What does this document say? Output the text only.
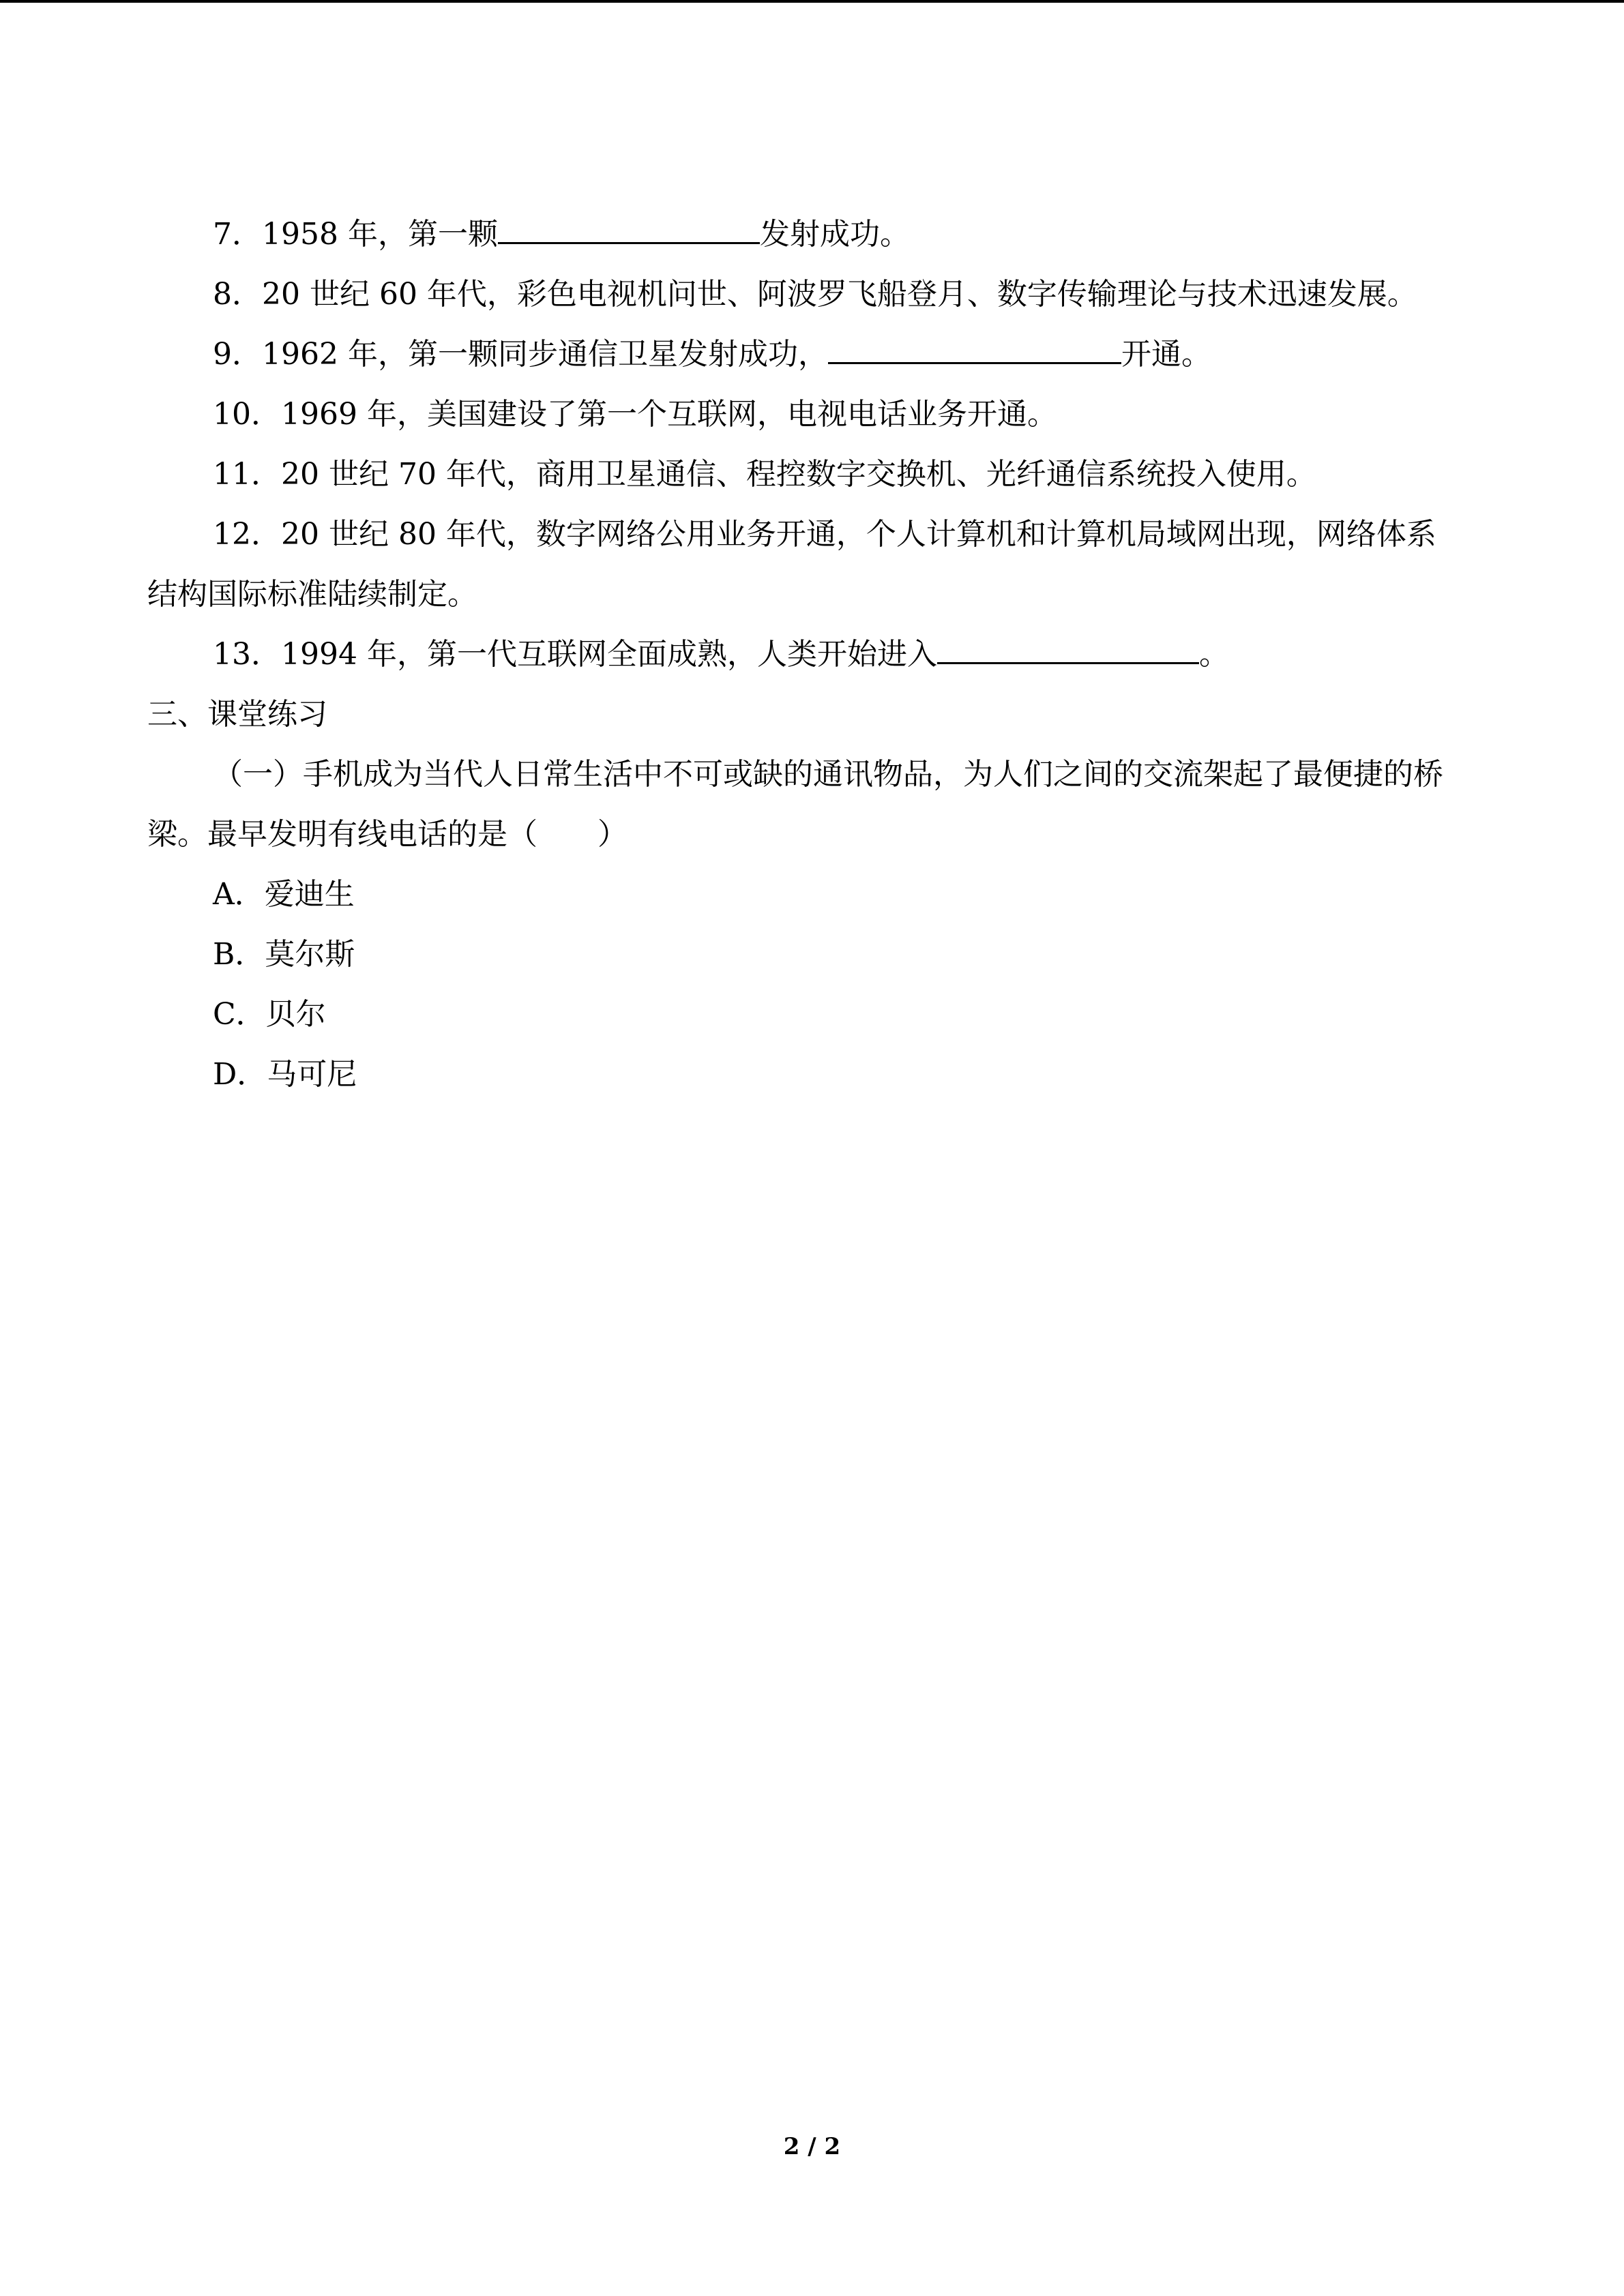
7．1958 年，第一颗	发射成功。
8．20 世纪 60 年代，彩色电视机问世、阿波罗飞船登月、数字传输理论与技术迅速发展。
9．1962 年，第一颗同步通信卫星发射成功，	开通。
10．1969 年，美国建设了第一个互联网，电视电话业务开通。
11．20 世纪 70 年代，商用卫星通信、程控数字交换机、光纤通信系统投入使用。
12．20 世纪 80 年代，数字网络公用业务开通，个人计算机和计算机局域网出现，网络体系结构国际标准陆续制定。
13．1994 年，第一代互联网全面成熟，人类开始进入	。
三、课堂练习
（一）手机成为当代人日常生活中不可或缺的通讯物品，为人们之间的交流架起了最便捷的桥梁。最早发明有线电话的是（　　）
A．爱迪生
B．莫尔斯
C．贝尔
D．马可尼
2 / 2
